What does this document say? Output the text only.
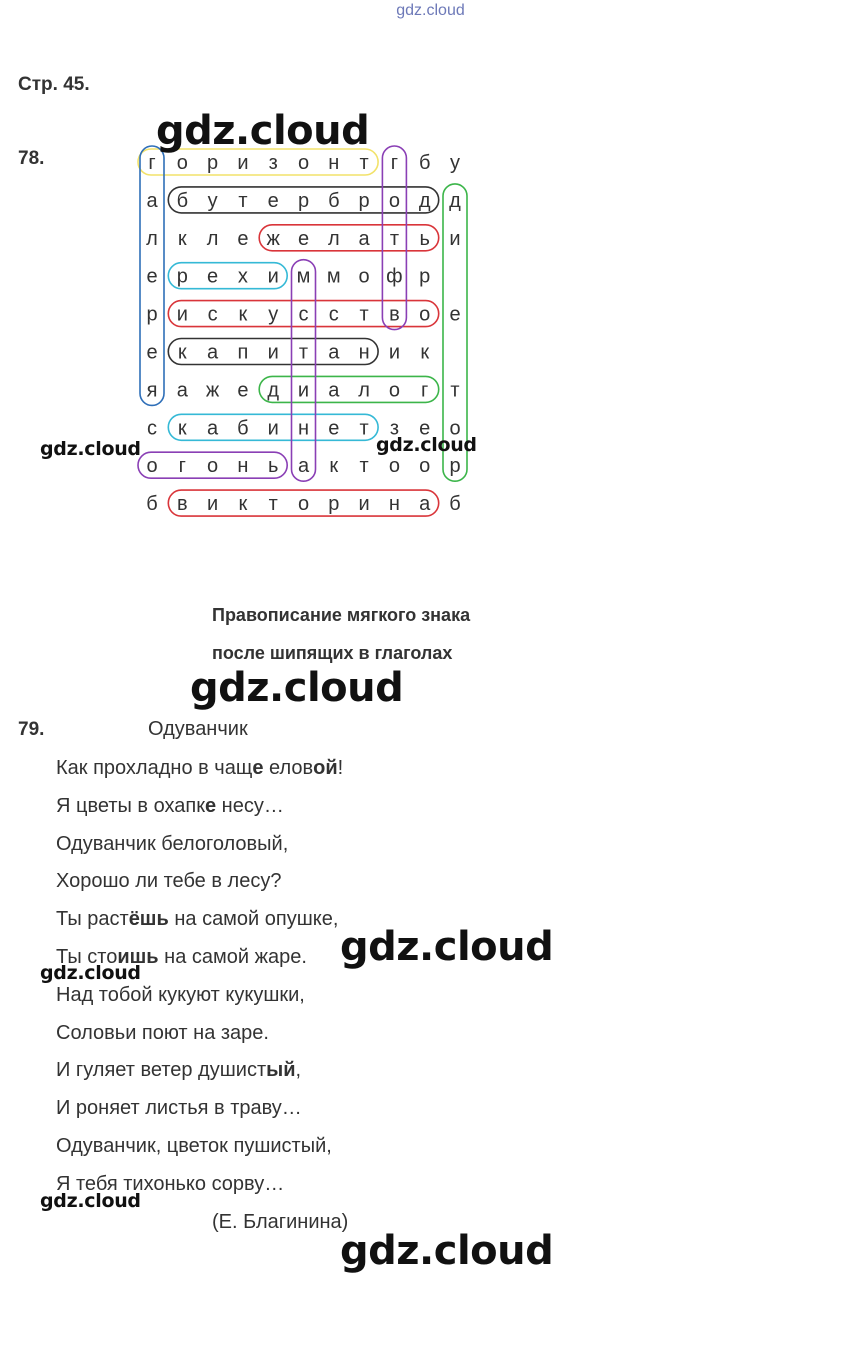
gdz.cloud
Стр. 45.
78.	г о р и з о н т г б у
а б у т е р б р о д д
л к л е ж е л а т ь и
е р е х и м м о ф р
р и с к у с с т в о е
е к а п и т а н и к
я а ж е д и а л о г т
с к а б и н е т з е о
о г о н ь а к т о о р
б в и к т о р и н а б
gdz.cloud
gdz.cloud	gdz.cloud
Правописание мягкого знака
после шипящих в глаголах
gdz.cloud
79.	Одуванчик
Как прохладно в чаще еловой!
Я цветы в охапке несу…
Одуванчик белоголовый,
Хорошо ли тебе в лесу?
Ты растёшь на самой опушке,
Ты стоишь на самой жаре.
Над тобой кукуют кукушки,
Соловьи поют на заре.
И гуляет ветер душистый,
И роняет листья в траву…
Одуванчик, цветок пушистый,
Я тебя тихонько сорву…
(Е. Благинина)
gdz.cloud
gdz.cloud
gdz.cloud
gdz.cloud
